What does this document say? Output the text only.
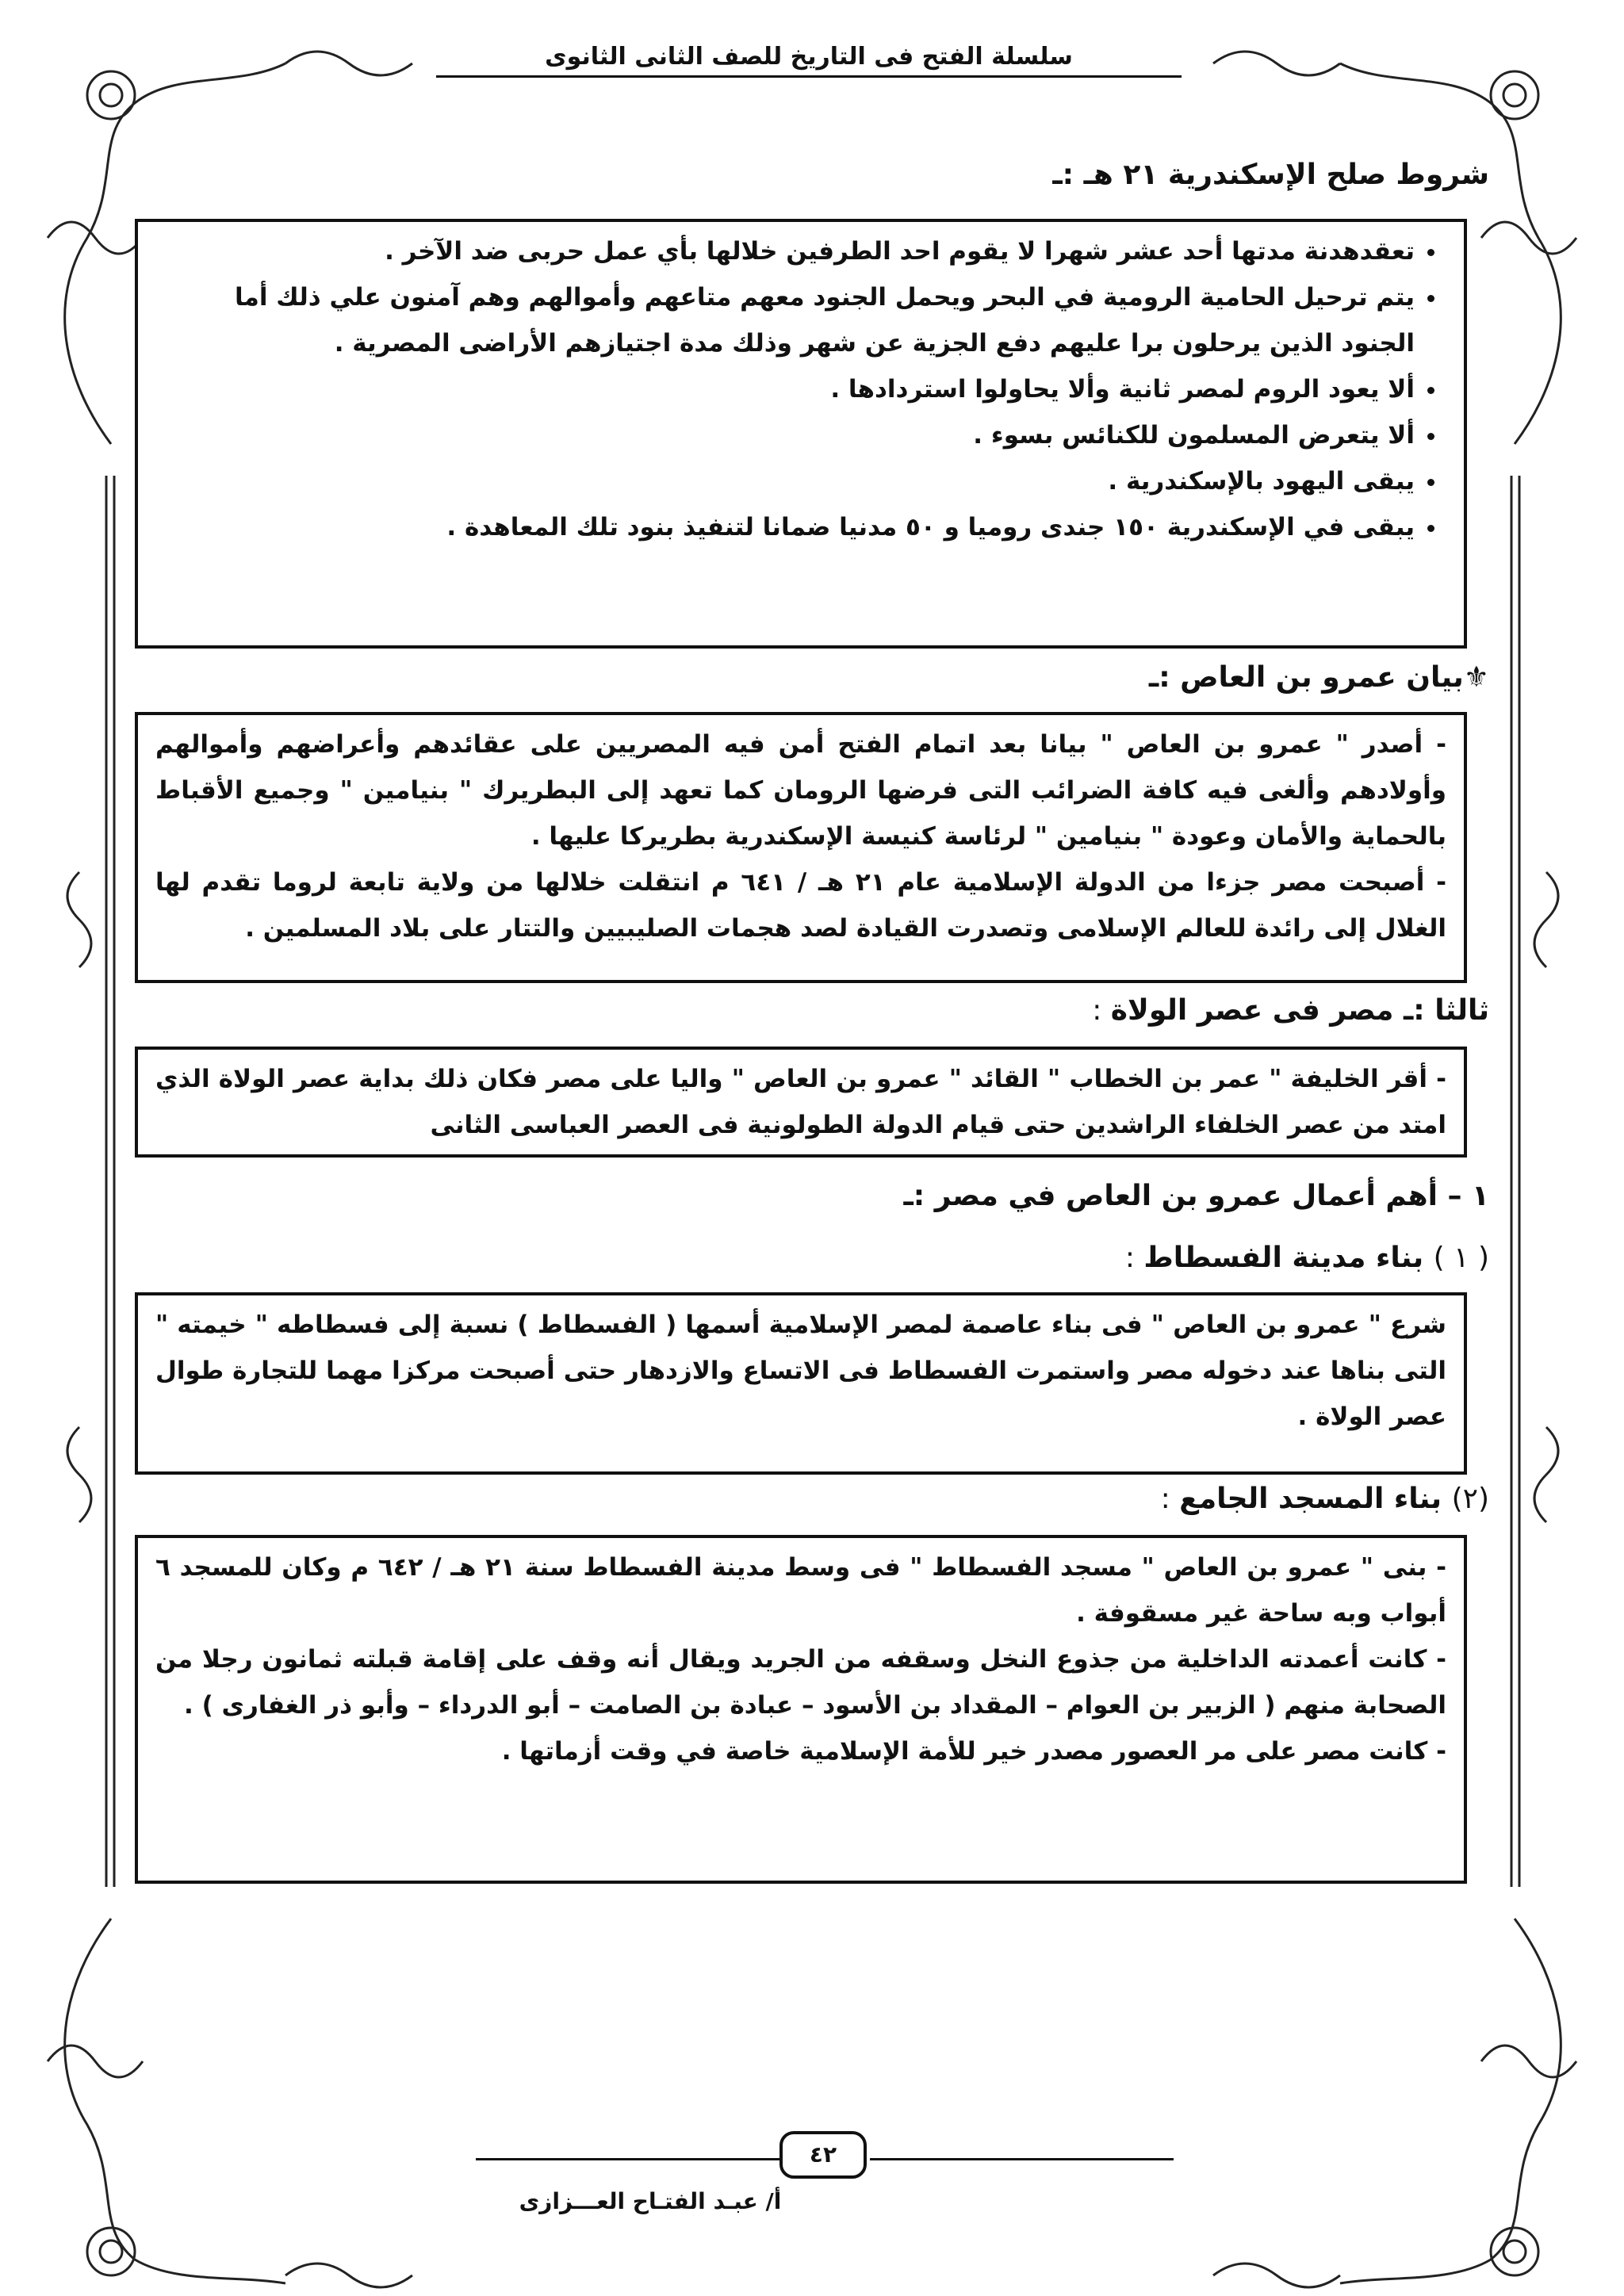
سلسلة الفتح فى التاريخ للصف الثانى الثانوى
شروط صلح الإسكندرية ٢١ هـ :ـ
• تعقدهدنة مدتها أحد عشر شهرا لا يقوم احد الطرفين خلالها بأي عمل حربى ضد الآخر .
• يتم ترحيل الحامية الرومية في البحر ويحمل الجنود معهم متاعهم وأموالهم وهم آمنون علي ذلك أما الجنود الذين يرحلون برا عليهم دفع الجزية عن شهر وذلك مدة اجتيازهم الأراضى المصرية .
• ألا يعود الروم لمصر ثانية وألا يحاولوا استردادها .
• ألا يتعرض المسلمون للكنائس بسوء .
• يبقى اليهود بالإسكندرية .
• يبقى في الإسكندرية ١٥٠ جندى روميا و ٥٠ مدنيا ضمانا لتنفيذ بنود تلك المعاهدة .
⚜بيان عمرو بن العاص :ـ

- أصدر " عمرو بن العاص " بيانا بعد اتمام الفتح أمن فيه المصريين على عقائدهم وأعراضهم وأموالهم وأولادهم وألغى فيه كافة الضرائب التى فرضها الرومان كما تعهد إلى البطريرك " بنيامين " وجميع الأقباط بالحماية والأمان وعودة " بنيامين " لرئاسة كنيسة الإسكندرية بطريركا عليها .

- أصبحت مصر جزءا من الدولة الإسلامية عام ٢١ هـ / ٦٤١ م انتقلت خلالها من ولاية تابعة لروما تقدم لها الغلال إلى رائدة للعالم الإسلامى وتصدرت القيادة لصد هجمات الصليبيين والتتار على بلاد المسلمين .

ثالثا :ـ مصر فى عصر الولاة :

- أقر الخليفة " عمر بن الخطاب " القائد " عمرو بن العاص " واليا على مصر فكان ذلك بداية عصر الولاة الذي امتد من عصر الخلفاء الراشدين حتى قيام الدولة الطولونية فى العصر العباسى الثانى

١ – أهم أعمال عمرو بن العاص في مصر :ـ
( ١ ) بناء مدينة الفسطاط :

شرع " عمرو بن العاص " فى بناء عاصمة لمصر الإسلامية أسمها ( الفسطاط ) نسبة إلى فسطاطه " خيمته " التى بناها عند دخوله مصر واستمرت الفسطاط فى الاتساع والازدهار حتى أصبحت مركزا مهما للتجارة طوال عصر الولاة .

(٢) بناء المسجد الجامع :

- بنى " عمرو بن العاص " مسجد الفسطاط " فى وسط مدينة الفسطاط سنة ٢١ هـ / ٦٤٢ م وكان للمسجد ٦ أبواب وبه ساحة غير مسقوفة .

- كانت أعمدته الداخلية من جذوع النخل وسقفه من الجريد ويقال أنه وقف على إقامة قبلته ثمانون رجلا من الصحابة منهم ( الزبير بن العوام – المقداد بن الأسود – عبادة بن الصامت – أبو الدرداء – وأبو ذر الغفارى ) .

- كانت مصر على مر العصور مصدر خير للأمة الإسلامية خاصة في وقت أزماتها .

٤٢
أ/ عبـد الفتـاح العـــزازى
